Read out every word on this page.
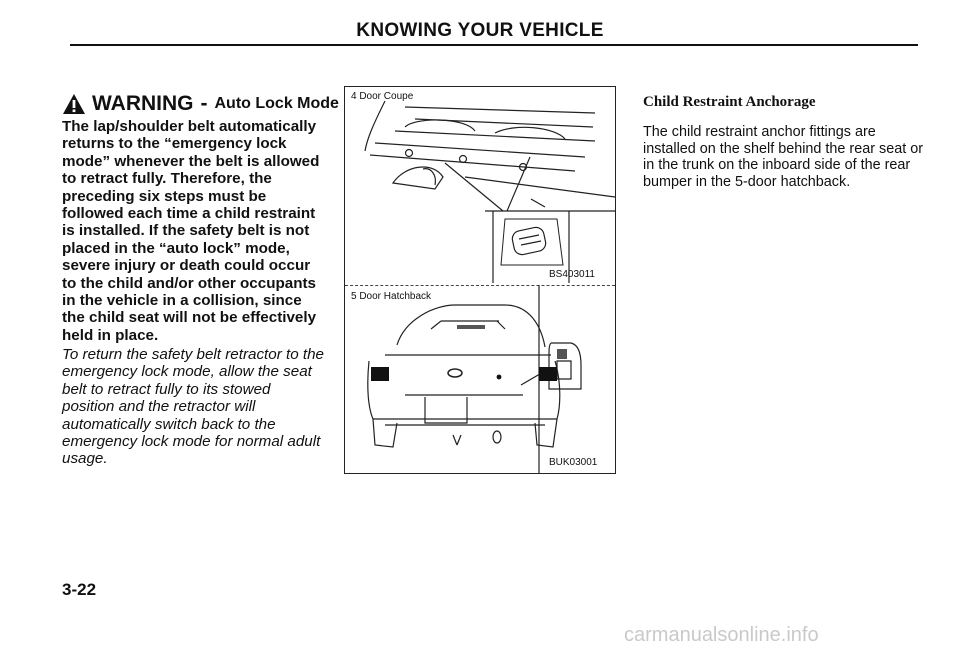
KNOWING YOUR VEHICLE
WARNING - Auto Lock Mode
The lap/shoulder belt automatically returns to the “emergency lock mode” whenever the belt is allowed to retract fully. Therefore, the preceding six steps must be followed each time a child restraint is installed. If the safety belt is not placed in the “auto lock” mode, severe injury or death could occur to the child and/or other occupants in the vehicle in a collision, since the child seat will not be effectively held in place.
To return the safety belt retractor to the emergency lock mode, allow the seat belt to retract fully to its stowed position and the retractor will automatically switch back to the emergency lock mode for normal adult usage.
4 Door Coupe
BS403011
5 Door Hatchback
BUK03001
Child Restraint Anchorage
The child restraint anchor fittings are installed on the shelf behind the rear seat or in the trunk on the inboard side of the rear bumper in the 5-door hatchback.
3-22
carmanualsonline.info
